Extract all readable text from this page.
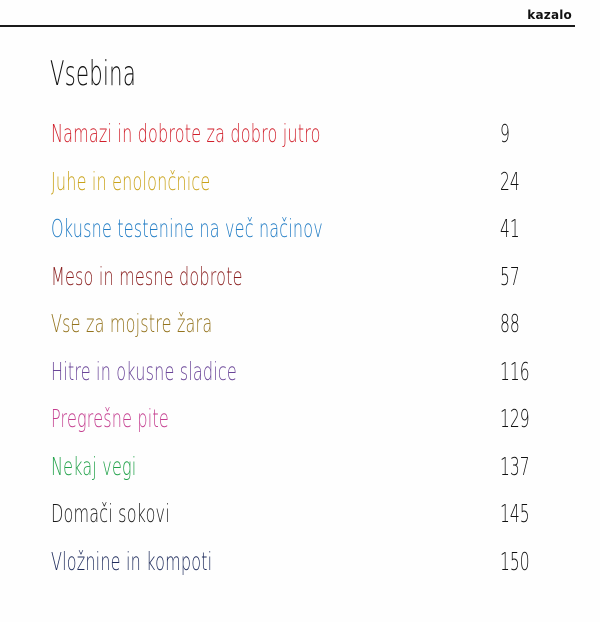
kazalo
Vsebina
Namazi in dobrote za dobro jutro	9
Juhe in enolončnice	24
Okusne testenine na več načinov	41
Meso in mesne dobrote	57
Vse za mojstre žara	88
Hitre in okusne sladice	116
Pregrešne pite	129
Nekaj vegi	137
Domači sokovi	145
Vložnine in kompoti	150
